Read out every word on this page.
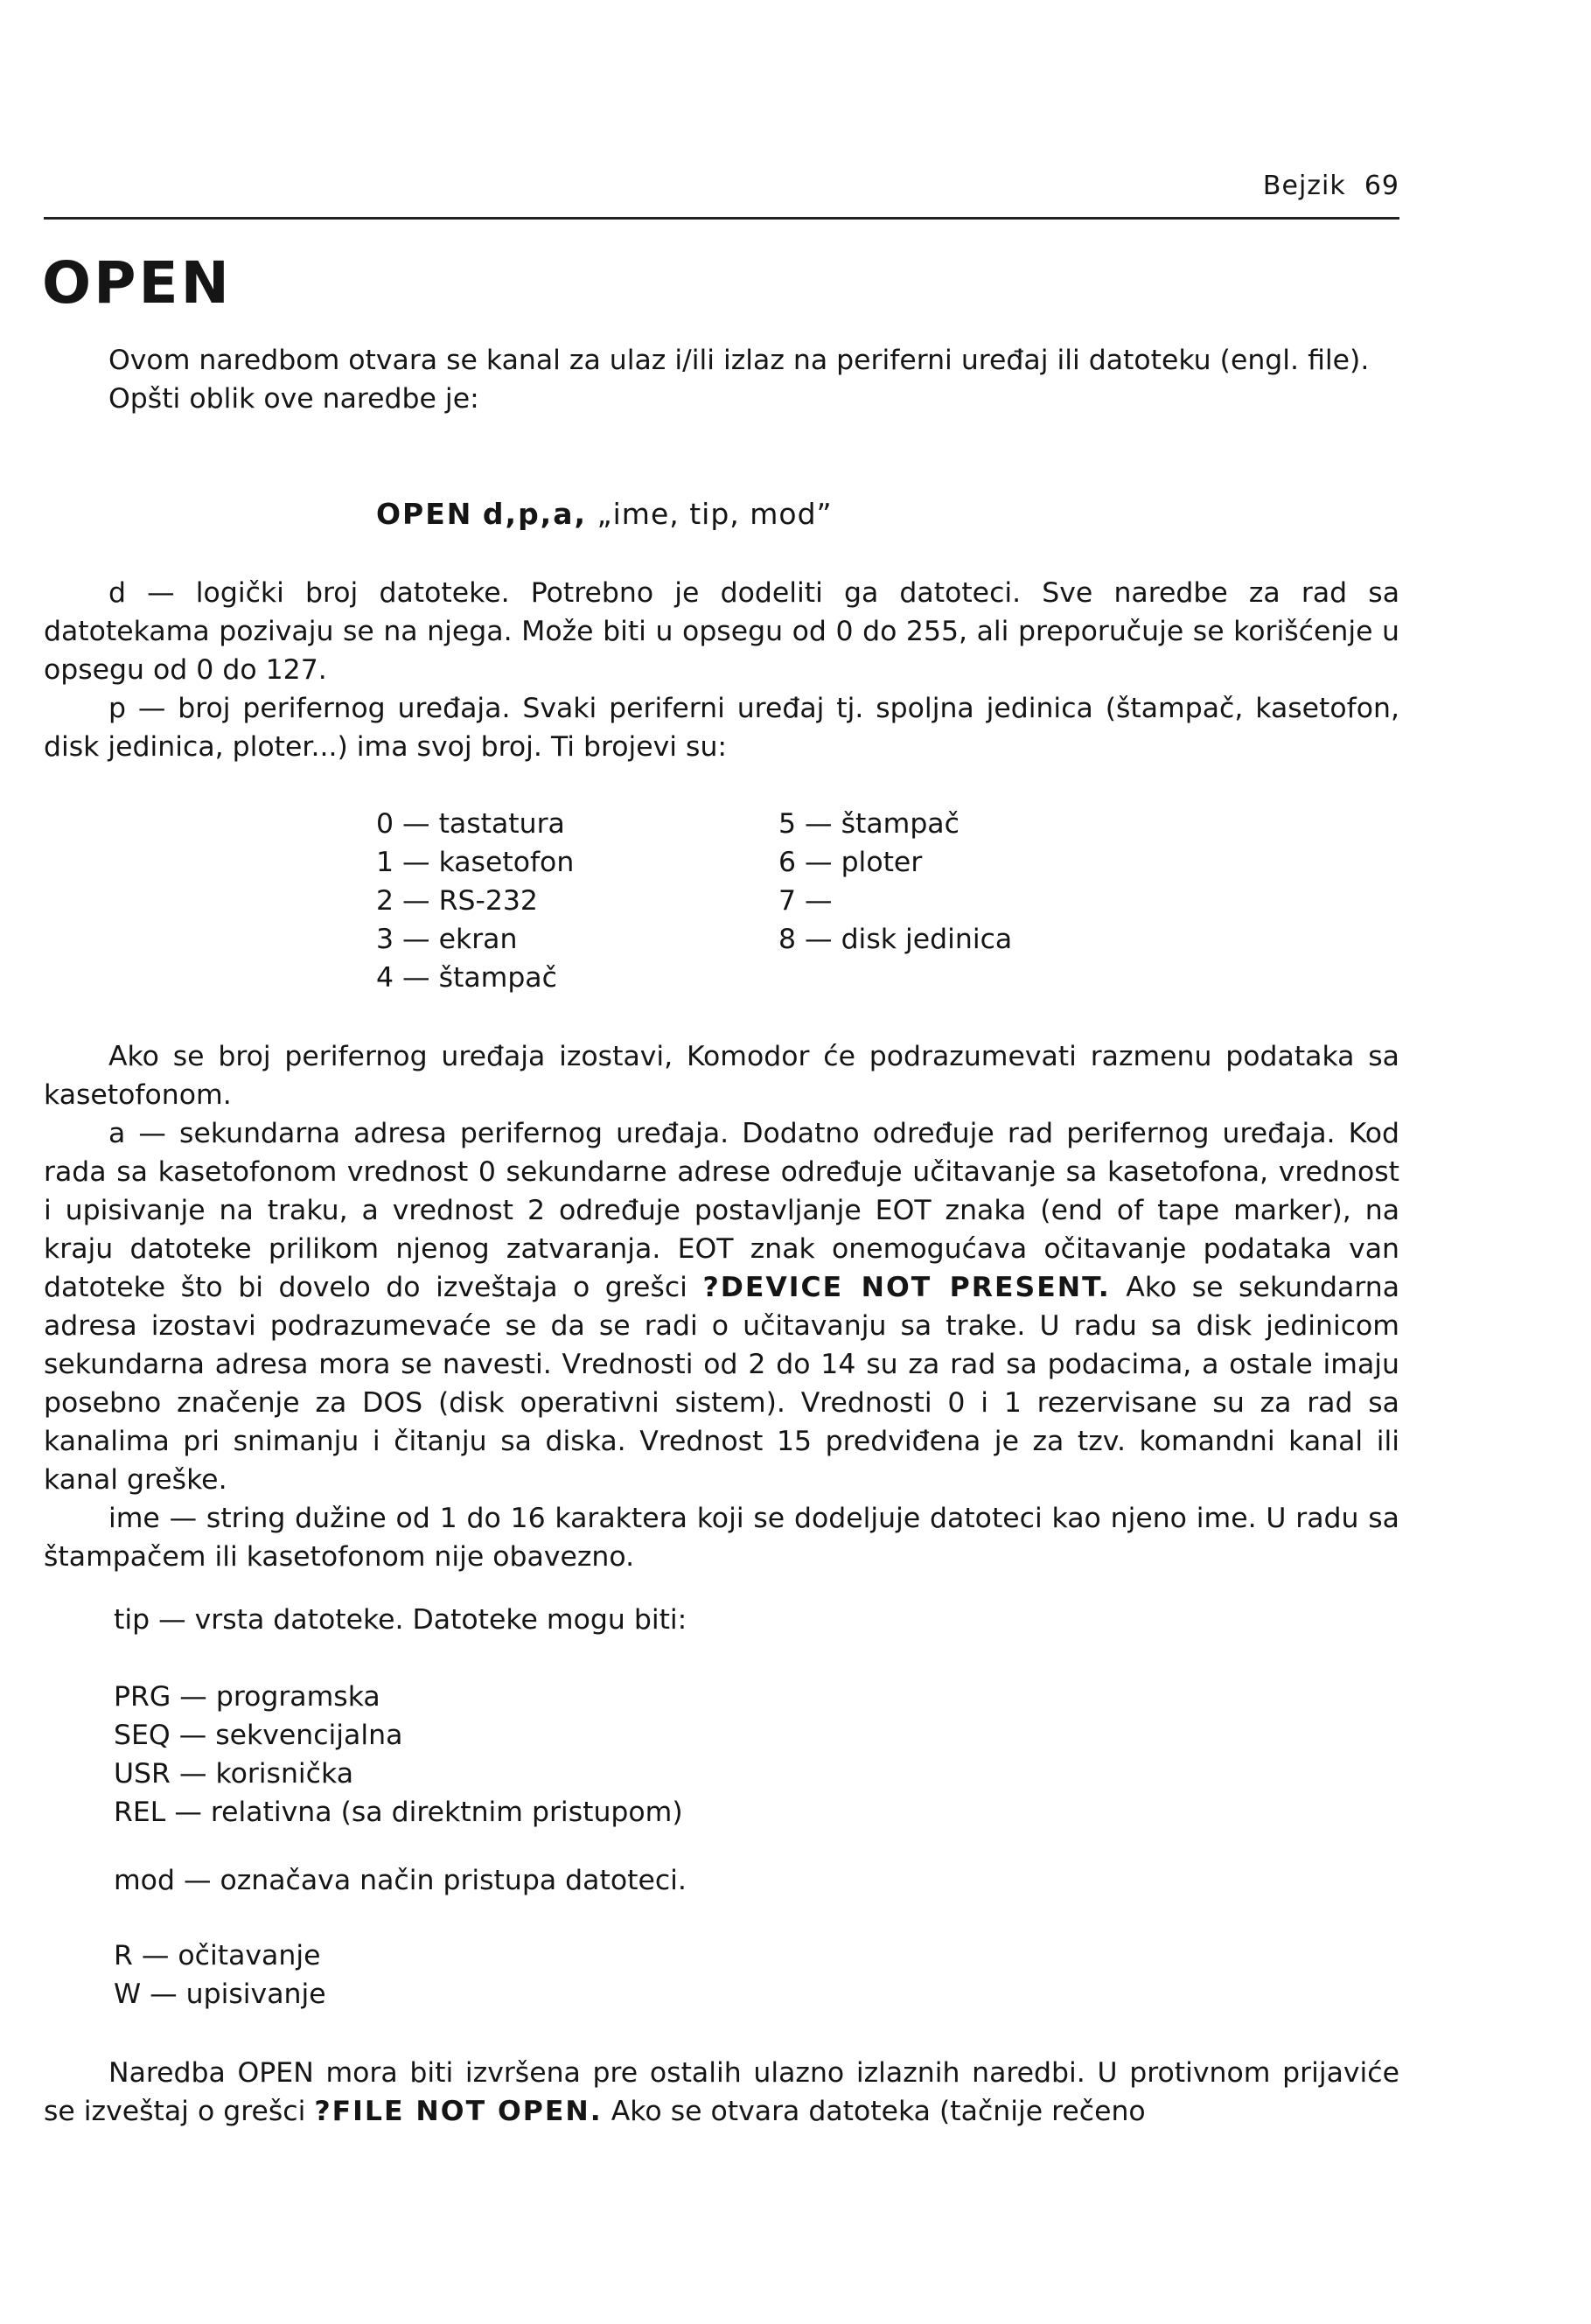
Bejzik 69
OPEN

Ovom naredbom otvara se kanal za ulaz i/ili izlaz na periferni uređaj ili datoteku (engl. file).

Opšti oblik ove naredbe je:

OPEN d,p,a, „ime, tip, mod”

d — logički broj datoteke. Potrebno je dodeliti ga datoteci. Sve naredbe za rad sa datotekama pozivaju se na njega. Može biti u opsegu od 0 do 255, ali preporučuje se korišćenje u opsegu od 0 do 127.

p — broj perifernog uređaja. Svaki periferni uređaj tj. spoljna jedinica (štampač, kasetofon, disk jedinica, ploter...) ima svoj broj. Ti brojevi su:

0 — tastatura
1 — kasetofon
2 — RS-232
3 — ekran
4 — štampač
5 — štampač
6 — ploter
7 —
8 — disk jedinica

Ako se broj perifernog uređaja izostavi, Komodor će podrazumevati razmenu podataka sa kasetofonom.

a — sekundarna adresa perifernog uređaja. Dodatno određuje rad perifernog uređaja. Kod rada sa kasetofonom vrednost 0 sekundarne adrese određuje učitavanje sa kasetofona, vrednost i upisivanje na traku, a vrednost 2 određuje postavljanje EOT znaka (end of tape marker), na kraju datoteke prilikom njenog zatvaranja. EOT znak onemogućava očitavanje podataka van datoteke što bi dovelo do izveštaja o grešci ?DEVICE NOT PRESENT. Ako se sekundarna adresa izostavi podrazumevaće se da se radi o učitavanju sa trake. U radu sa disk jedinicom sekundarna adresa mora se navesti. Vrednosti od 2 do 14 su za rad sa podacima, a ostale imaju posebno značenje za DOS (disk operativni sistem). Vrednosti 0 i 1 rezervisane su za rad sa kanalima pri snimanju i čitanju sa diska. Vrednost 15 predviđena je za tzv. komandni kanal ili kanal greške.

ime — string dužine od 1 do 16 karaktera koji se dodeljuje datoteci kao njeno ime. U radu sa štampačem ili kasetofonom nije obavezno.

tip — vrsta datoteke. Datoteke mogu biti:
PRG — programska
SEQ — sekvencijalna
USR — korisnička
REL — relativna (sa direktnim pristupom)
mod — označava način pristupa datoteci.
R — očitavanje
W — upisivanje

Naredba OPEN mora biti izvršena pre ostalih ulazno izlaznih naredbi. U protivnom prijaviće se izveštaj o grešci ?FILE NOT OPEN. Ako se otvara datoteka (tačnije rečeno
